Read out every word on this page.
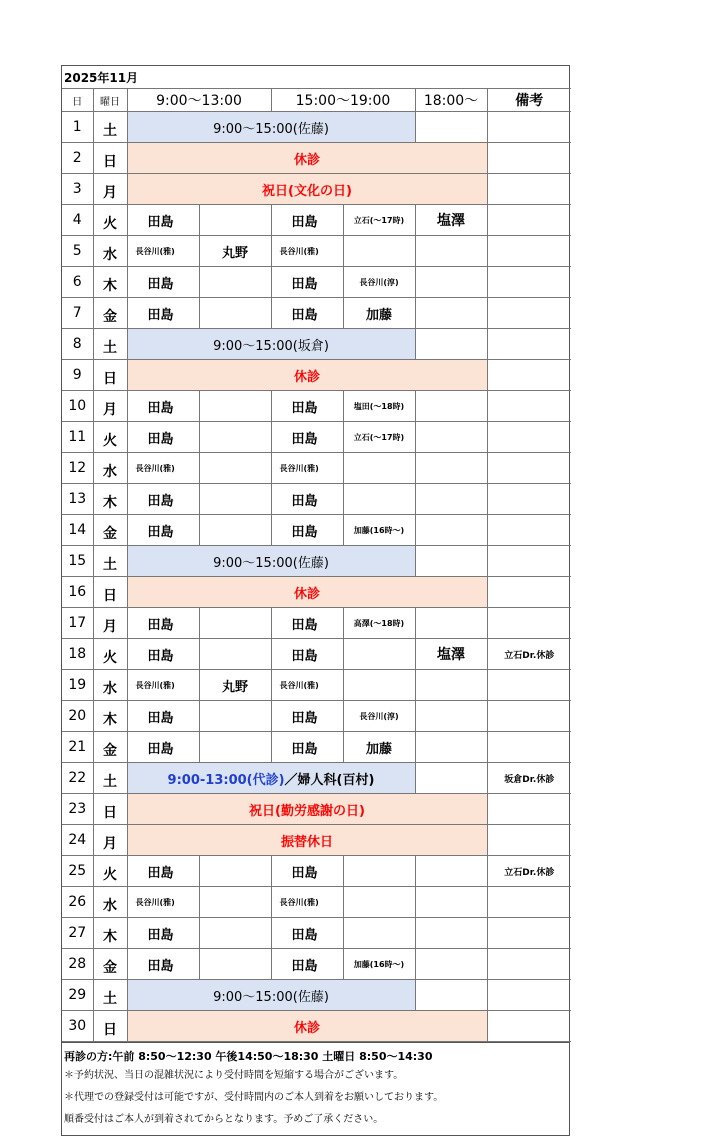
2025年11月							
日	曜日	9:00～13:00		15:00～19:00		18:00～	備考
1	土	9:00～15:00(佐藤)					
2	日	休診					
3	月	祝日(文化の日)					
4	火	田島		田島	立石(～17時)	塩澤	
5	水	長谷川(雅)	丸野	長谷川(雅)			
6	木	田島		田島	長谷川(淳)		
7	金	田島		田島	加藤		
8	土	9:00～15:00(坂倉)					
9	日	休診					
10	月	田島		田島	塩田(～18時)		
11	火	田島		田島	立石(～17時)		
12	水	長谷川(雅)		長谷川(雅)			
13	木	田島		田島			
14	金	田島		田島	加藤(16時～)		
15	土	9:00～15:00(佐藤)					
16	日	休診					
17	月	田島		田島	高澤(～18時)		
18	火	田島		田島		塩澤	立石Dr.休診
19	水	長谷川(雅)	丸野	長谷川(雅)			
20	木	田島		田島	長谷川(淳)		
21	金	田島		田島	加藤		
22	土	9:00-13:00(代診)／婦人科(百村)					坂倉Dr.休診
23	日	祝日(勤労感謝の日)					
24	月	振替休日					
25	火	田島		田島			立石Dr.休診
26	水	長谷川(雅)		長谷川(雅)			
27	木	田島		田島			
28	金	田島		田島	加藤(16時～)		
29	土	9:00～15:00(佐藤)					
30	日	休診					
再診の方:午前 8:50～12:30 午後14:50～18:30 土曜日 8:50～14:30
＊予約状況、当日の混雑状況により受付時間を短縮する場合がございます。
＊代理での登録受付は可能ですが、受付時間内のご本人到着をお願いしております。
順番受付はご本人が到着されてからとなります。予めご了承ください。
